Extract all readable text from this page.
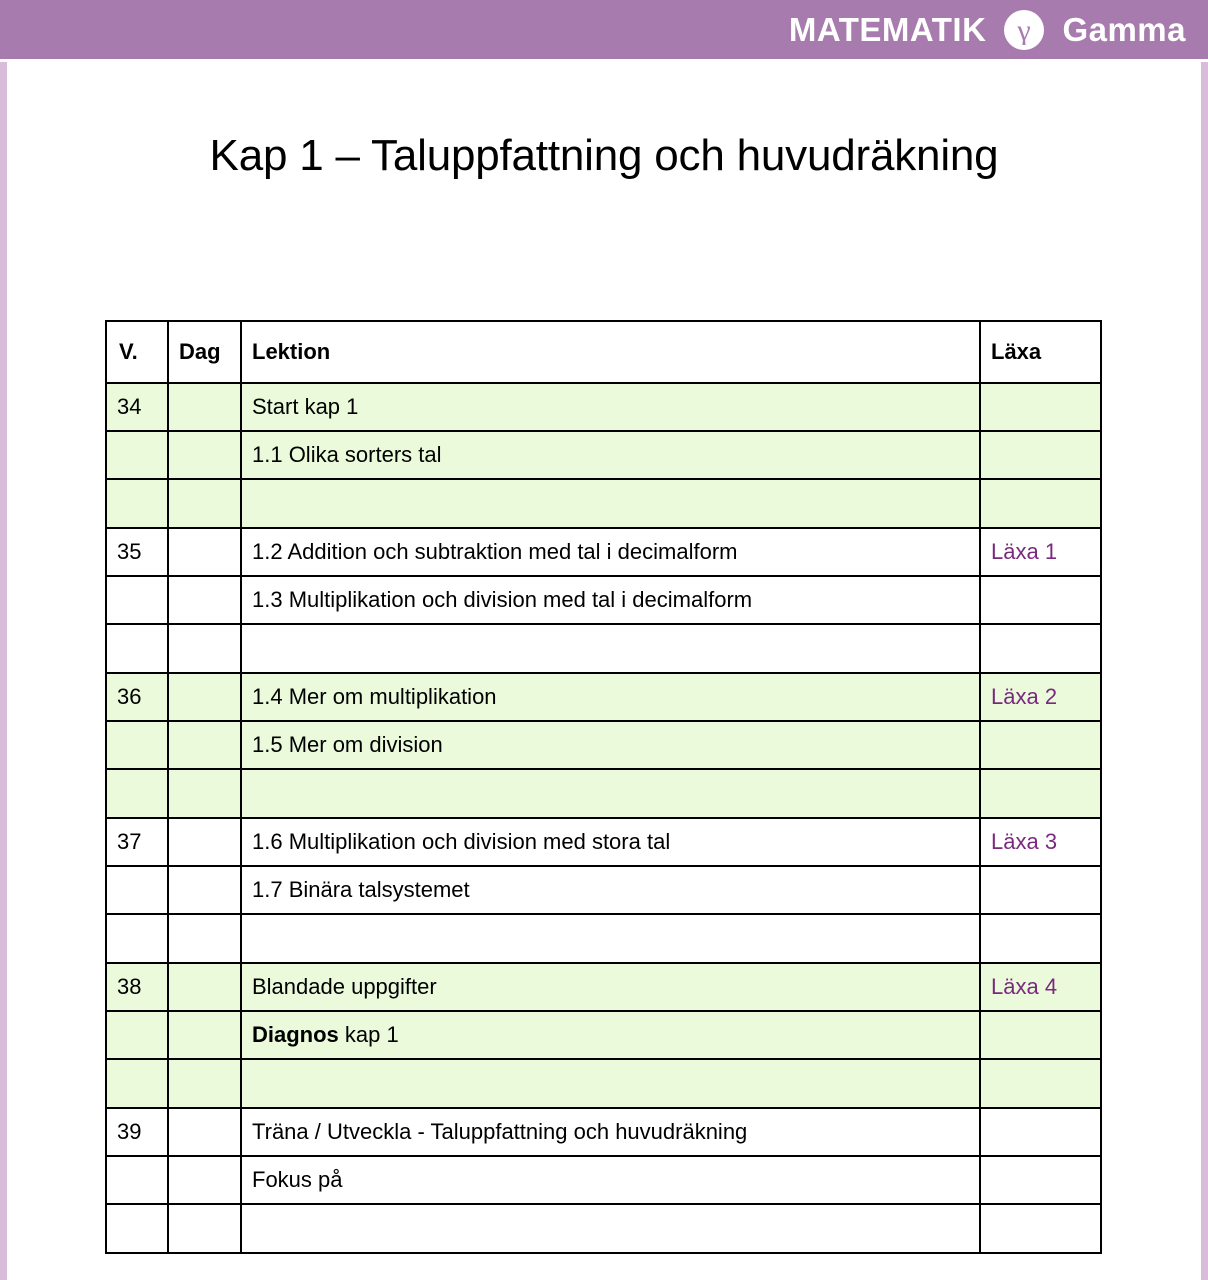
MATEMATIK γ Gamma
Kap 1 – Taluppfattning och huvudräkning
V.	Dag	Lektion	Läxa
34		Start kap 1	
		1.1 Olika sorters tal	

35		1.2 Addition och subtraktion med tal i decimalform	Läxa 1
		1.3 Multiplikation och division med tal i decimalform	

36		1.4 Mer om multiplikation	Läxa 2
		1.5 Mer om division	

37		1.6 Multiplikation och division med stora tal	Läxa 3
		1.7 Binära talsystemet	

38		Blandade uppgifter	Läxa 4
		Diagnos kap 1	

39		Träna / Utveckla - Taluppfattning och huvudräkning	
		Fokus på	
